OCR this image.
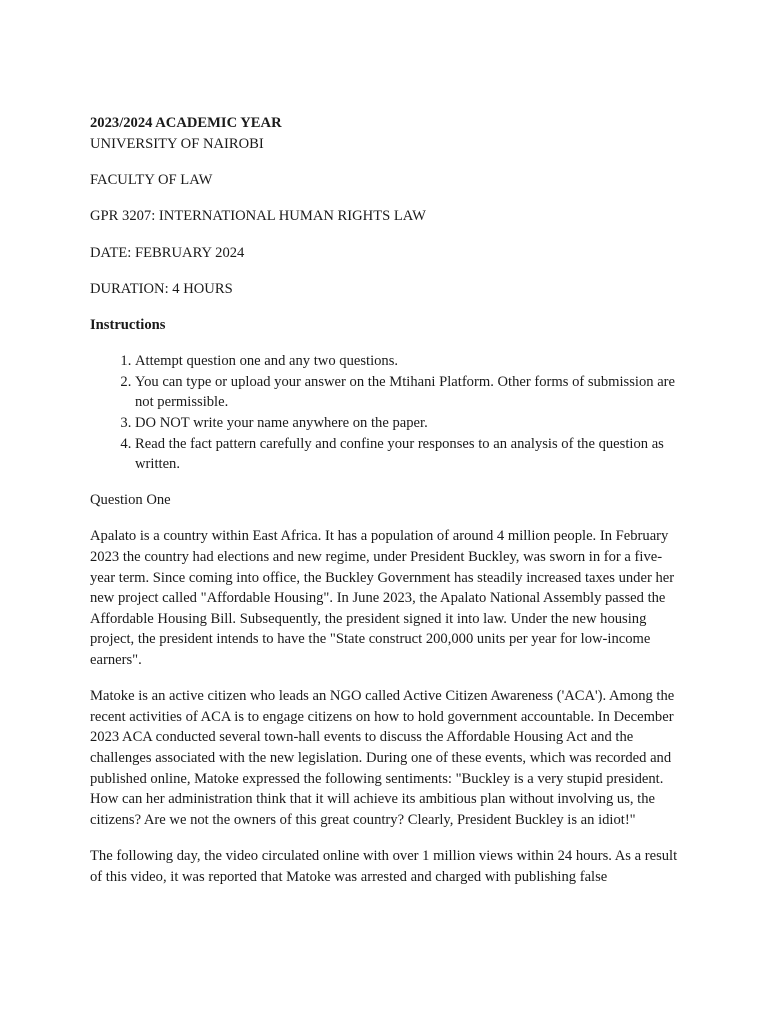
2023/2024 ACADEMIC YEAR

UNIVERSITY OF NAIROBI

FACULTY OF LAW

GPR 3207: INTERNATIONAL HUMAN RIGHTS LAW

DATE: FEBRUARY 2024

DURATION: 4 HOURS

Instructions

1. Attempt question one and any two questions.
2. You can type or upload your answer on the Mtihani Platform. Other forms of submission are not permissible.
3. DO NOT write your name anywhere on the paper.
4. Read the fact pattern carefully and confine your responses to an analysis of the question as written.

Question One

Apalato is a country within East Africa. It has a population of around 4 million people. In February 2023 the country had elections and new regime, under President Buckley, was sworn in for a five-year term. Since coming into office, the Buckley Government has steadily increased taxes under her new project called "Affordable Housing". In June 2023, the Apalato National Assembly passed the Affordable Housing Bill. Subsequently, the president signed it into law. Under the new housing project, the president intends to have the "State construct 200,000 units per year for low-income earners".

Matoke is an active citizen who leads an NGO called Active Citizen Awareness ('ACA'). Among the recent activities of ACA is to engage citizens on how to hold government accountable. In December 2023 ACA conducted several town-hall events to discuss the Affordable Housing Act and the challenges associated with the new legislation. During one of these events, which was recorded and published online, Matoke expressed the following sentiments: "Buckley is a very stupid president. How can her administration think that it will achieve its ambitious plan without involving us, the citizens? Are we not the owners of this great country? Clearly, President Buckley is an idiot!"

The following day, the video circulated online with over 1 million views within 24 hours. As a result of this video, it was reported that Matoke was arrested and charged with publishing false
